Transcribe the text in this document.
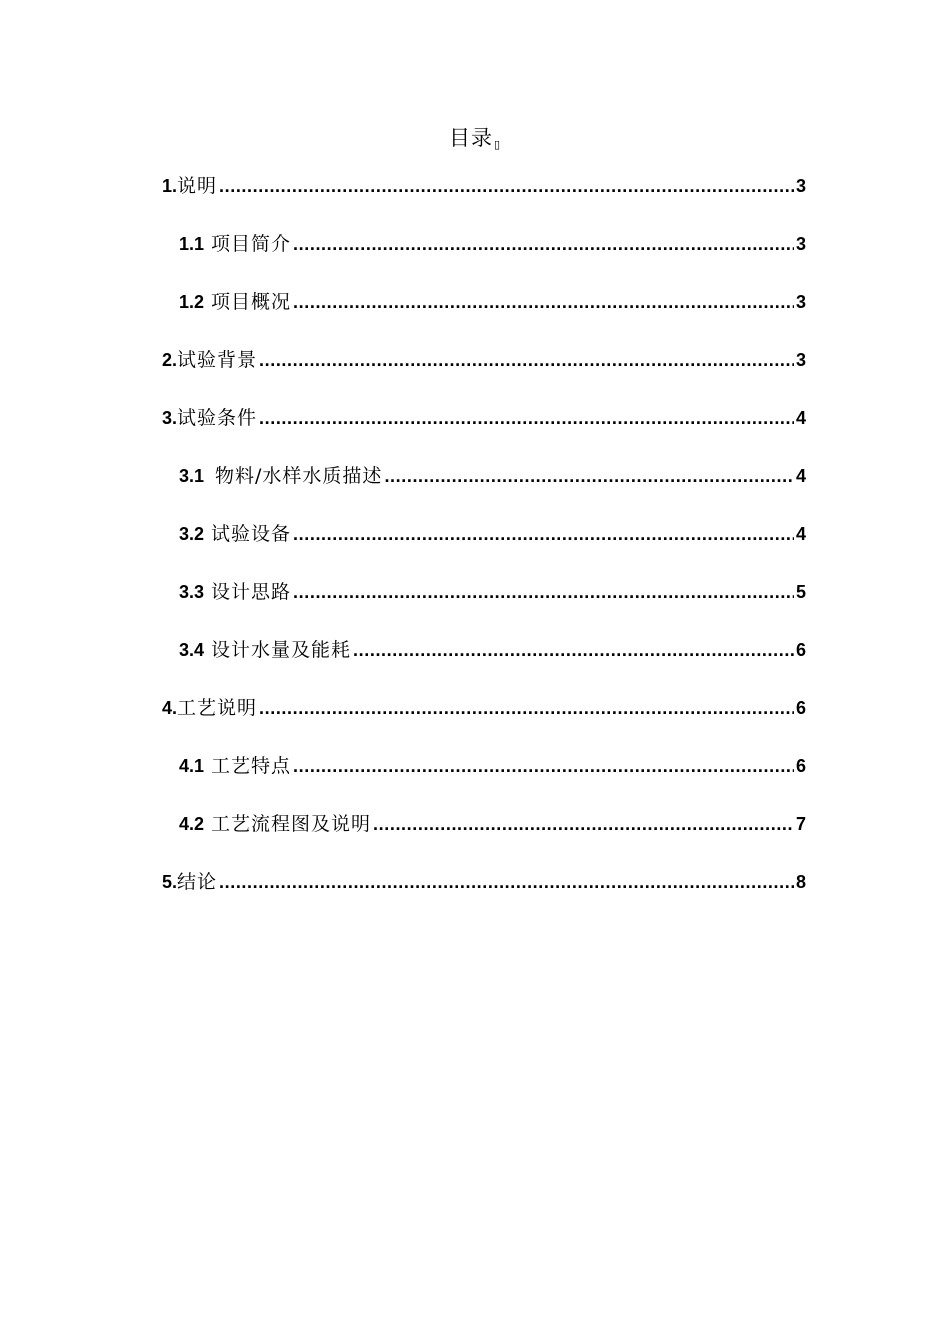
目录▯
1. 说明 .....	3
1.1 项目简介 .....	3
1.2 项目概况 .....	3
2. 试验背景 .....	3
3. 试验条件 .....	4
3.1 物料/水样水质描述 .....	4
3.2 试验设备 .....	4
3.3 设计思路 .....	5
3.4 设计水量及能耗 .....	6
4. 工艺说明 .....	6
4.1 工艺特点 .....	6
4.2 工艺流程图及说明 .....	7
5. 结论 .....	8
